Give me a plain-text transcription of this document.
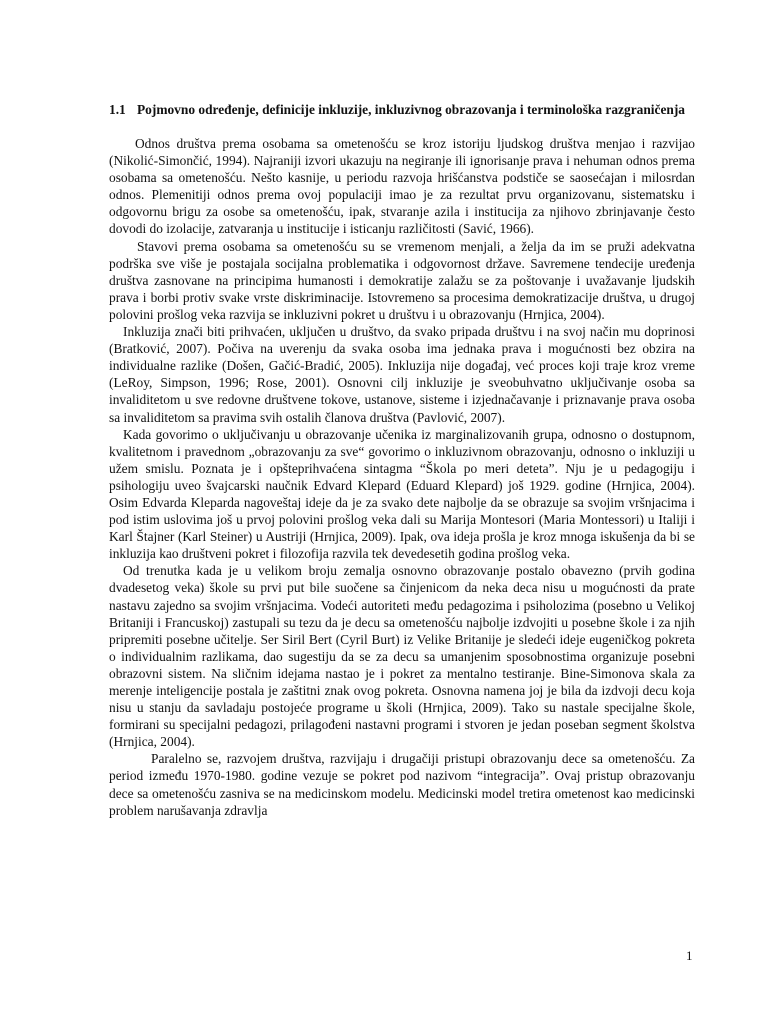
1.1 Pojmovno određenje, definicije inkluzije, inkluzivnog obrazovanja i terminološka razgraničenja

Odnos društva prema osobama sa ometenošću se kroz istoriju ljudskog društva menjao i razvijao (Nikolić-Simončić, 1994). Najraniji izvori ukazuju na negiranje ili ignorisanje prava i nehuman odnos prema osobama sa ometenošću. Nešto kasnije, u periodu razvoja hrišćanstva podstiče se saosećajan i milosrdan odnos. Plemenitiji odnos prema ovoj populaciji imao je za rezultat prvu organizovanu, sistematsku i odgovornu brigu za osobe sa ometenošću, ipak, stvaranje azila i institucija za njihovo zbrinjavanje često dovodi do izolacije, zatvaranja u institucije i isticanju različitosti (Savić, 1966).

Stavovi prema osobama sa ometenošću su se vremenom menjali, a želja da im se pruži adekvatna podrška sve više je postajala socijalna problematika i odgovornost države. Savremene tendecije uređenja društva zasnovane na principima humanosti i demokratije zalažu se za poštovanje i uvažavanje ljudskih prava i borbi protiv svake vrste diskriminacije. Istovremeno sa procesima demokratizacije društva, u drugoj polovini prošlog veka razvija se inkluzivni pokret u društvu i u obrazovanju (Hrnjica, 2004).

Inkluzija znači biti prihvaćen, uključen u društvo, da svako pripada društvu i na svoj način mu doprinosi (Bratković, 2007). Počiva na uverenju da svaka osoba ima jednaka prava i mogućnosti bez obzira na individualne razlike (Došen, Gačić-Bradić, 2005). Inkluzija nije događaj, već proces koji traje kroz vreme (LeRoy, Simpson, 1996; Rose, 2001). Osnovni cilj inkluzije je sveobuhvatno uključivanje osoba sa invaliditetom u sve redovne društvene tokove, ustanove, sisteme i izjednačavanje i priznavanje prava osoba sa invaliditetom sa pravima svih ostalih članova društva (Pavlović, 2007).

Kada govorimo o uključivanju u obrazovanje učenika iz marginalizovanih grupa, odnosno o dostupnom, kvalitetnom i pravednom „obrazovanju za sve“ govorimo o inkluzivnom obrazovanju, odnosno o inkluziji u užem smislu. Poznata je i opšteprihvaćena sintagma “Škola po meri deteta”. Nju je u pedagogiju i psihologiju uveo švajcarski naučnik Edvard Klepard (Eduard Klepard) još 1929. godine (Hrnjica, 2004). Osim Edvarda Kleparda nagoveštaj ideje da je za svako dete najbolje da se obrazuje sa svojim vršnjacima i pod istim uslovima još u prvoj polovini prošlog veka dali su Marija Montesori (Maria Montessori) u Italiji i Karl Štajner (Karl Steiner) u Austriji (Hrnjica, 2009). Ipak, ova ideja prošla je kroz mnoga iskušenja da bi se inkluzija kao društveni pokret i filozofija razvila tek devedesetih godina prošlog veka.

Od trenutka kada je u velikom broju zemalja osnovno obrazovanje postalo obavezno (prvih godina dvadesetog veka) škole su prvi put bile suočene sa činjenicom da neka deca nisu u mogućnosti da prate nastavu zajedno sa svojim vršnjacima. Vodeći autoriteti među pedagozima i psiholozima (posebno u Velikoj Britaniji i Francuskoj) zastupali su tezu da je decu sa ometenošću najbolje izdvojiti u posebne škole i za njih pripremiti posebne učitelje. Ser Siril Bert (Cyril Burt) iz Velike Britanije je sledeći ideje eugeničkog pokreta o individualnim razlikama, dao sugestiju da se za decu sa umanjenim sposobnostima organizuje posebni obrazovni sistem. Na sličnim idejama nastao je i pokret za mentalno testiranje. Bine-Simonova skala za merenje inteligencije postala je zaštitni znak ovog pokreta. Osnovna namena joj je bila da izdvoji decu koja nisu u stanju da savladaju postojeće programe u školi (Hrnjica, 2009). Tako su nastale specijalne škole, formirani su specijalni pedagozi, prilagođeni nastavni programi i stvoren je jedan poseban segment školstva (Hrnjica, 2004).

Paralelno se, razvojem društva, razvijaju i drugačiji pristupi obrazovanju dece sa ometenošću. Za period između 1970-1980. godine vezuje se pokret pod nazivom “integracija”. Ovaj pristup obrazovanju dece sa ometenošću zasniva se na medicinskom modelu. Medicinski model tretira ometenost kao medicinski problem narušavanja zdravlja

1
